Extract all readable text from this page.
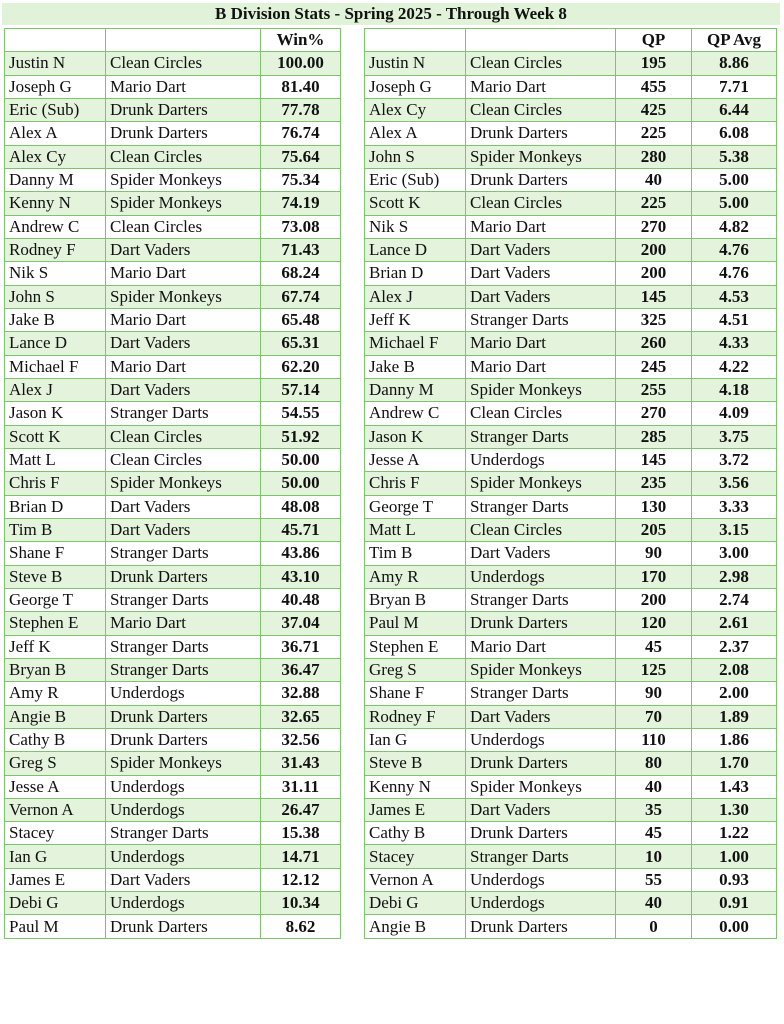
B Division Stats - Spring 2025 - Through Week 8
		Win%
Justin N	Clean Circles	100.00
Joseph G	Mario Dart	81.40
Eric (Sub)	Drunk Darters	77.78
Alex A	Drunk Darters	76.74
Alex Cy	Clean Circles	75.64
Danny M	Spider Monkeys	75.34
Kenny N	Spider Monkeys	74.19
Andrew C	Clean Circles	73.08
Rodney F	Dart Vaders	71.43
Nik S	Mario Dart	68.24
John S	Spider Monkeys	67.74
Jake B	Mario Dart	65.48
Lance D	Dart Vaders	65.31
Michael F	Mario Dart	62.20
Alex J	Dart Vaders	57.14
Jason K	Stranger Darts	54.55
Scott K	Clean Circles	51.92
Matt L	Clean Circles	50.00
Chris F	Spider Monkeys	50.00
Brian D	Dart Vaders	48.08
Tim B	Dart Vaders	45.71
Shane F	Stranger Darts	43.86
Steve B	Drunk Darters	43.10
George T	Stranger Darts	40.48
Stephen E	Mario Dart	37.04
Jeff K	Stranger Darts	36.71
Bryan B	Stranger Darts	36.47
Amy R	Underdogs	32.88
Angie B	Drunk Darters	32.65
Cathy B	Drunk Darters	32.56
Greg S	Spider Monkeys	31.43
Jesse A	Underdogs	31.11
Vernon A	Underdogs	26.47
Stacey	Stranger Darts	15.38
Ian G	Underdogs	14.71
James E	Dart Vaders	12.12
Debi G	Underdogs	10.34
Paul M	Drunk Darters	8.62
		QP	QP Avg
Justin N	Clean Circles	195	8.86
Joseph G	Mario Dart	455	7.71
Alex Cy	Clean Circles	425	6.44
Alex A	Drunk Darters	225	6.08
John S	Spider Monkeys	280	5.38
Eric (Sub)	Drunk Darters	40	5.00
Scott K	Clean Circles	225	5.00
Nik S	Mario Dart	270	4.82
Lance D	Dart Vaders	200	4.76
Brian D	Dart Vaders	200	4.76
Alex J	Dart Vaders	145	4.53
Jeff K	Stranger Darts	325	4.51
Michael F	Mario Dart	260	4.33
Jake B	Mario Dart	245	4.22
Danny M	Spider Monkeys	255	4.18
Andrew C	Clean Circles	270	4.09
Jason K	Stranger Darts	285	3.75
Jesse A	Underdogs	145	3.72
Chris F	Spider Monkeys	235	3.56
George T	Stranger Darts	130	3.33
Matt L	Clean Circles	205	3.15
Tim B	Dart Vaders	90	3.00
Amy R	Underdogs	170	2.98
Bryan B	Stranger Darts	200	2.74
Paul M	Drunk Darters	120	2.61
Stephen E	Mario Dart	45	2.37
Greg S	Spider Monkeys	125	2.08
Shane F	Stranger Darts	90	2.00
Rodney F	Dart Vaders	70	1.89
Ian G	Underdogs	110	1.86
Steve B	Drunk Darters	80	1.70
Kenny N	Spider Monkeys	40	1.43
James E	Dart Vaders	35	1.30
Cathy B	Drunk Darters	45	1.22
Stacey	Stranger Darts	10	1.00
Vernon A	Underdogs	55	0.93
Debi G	Underdogs	40	0.91
Angie B	Drunk Darters	0	0.00
